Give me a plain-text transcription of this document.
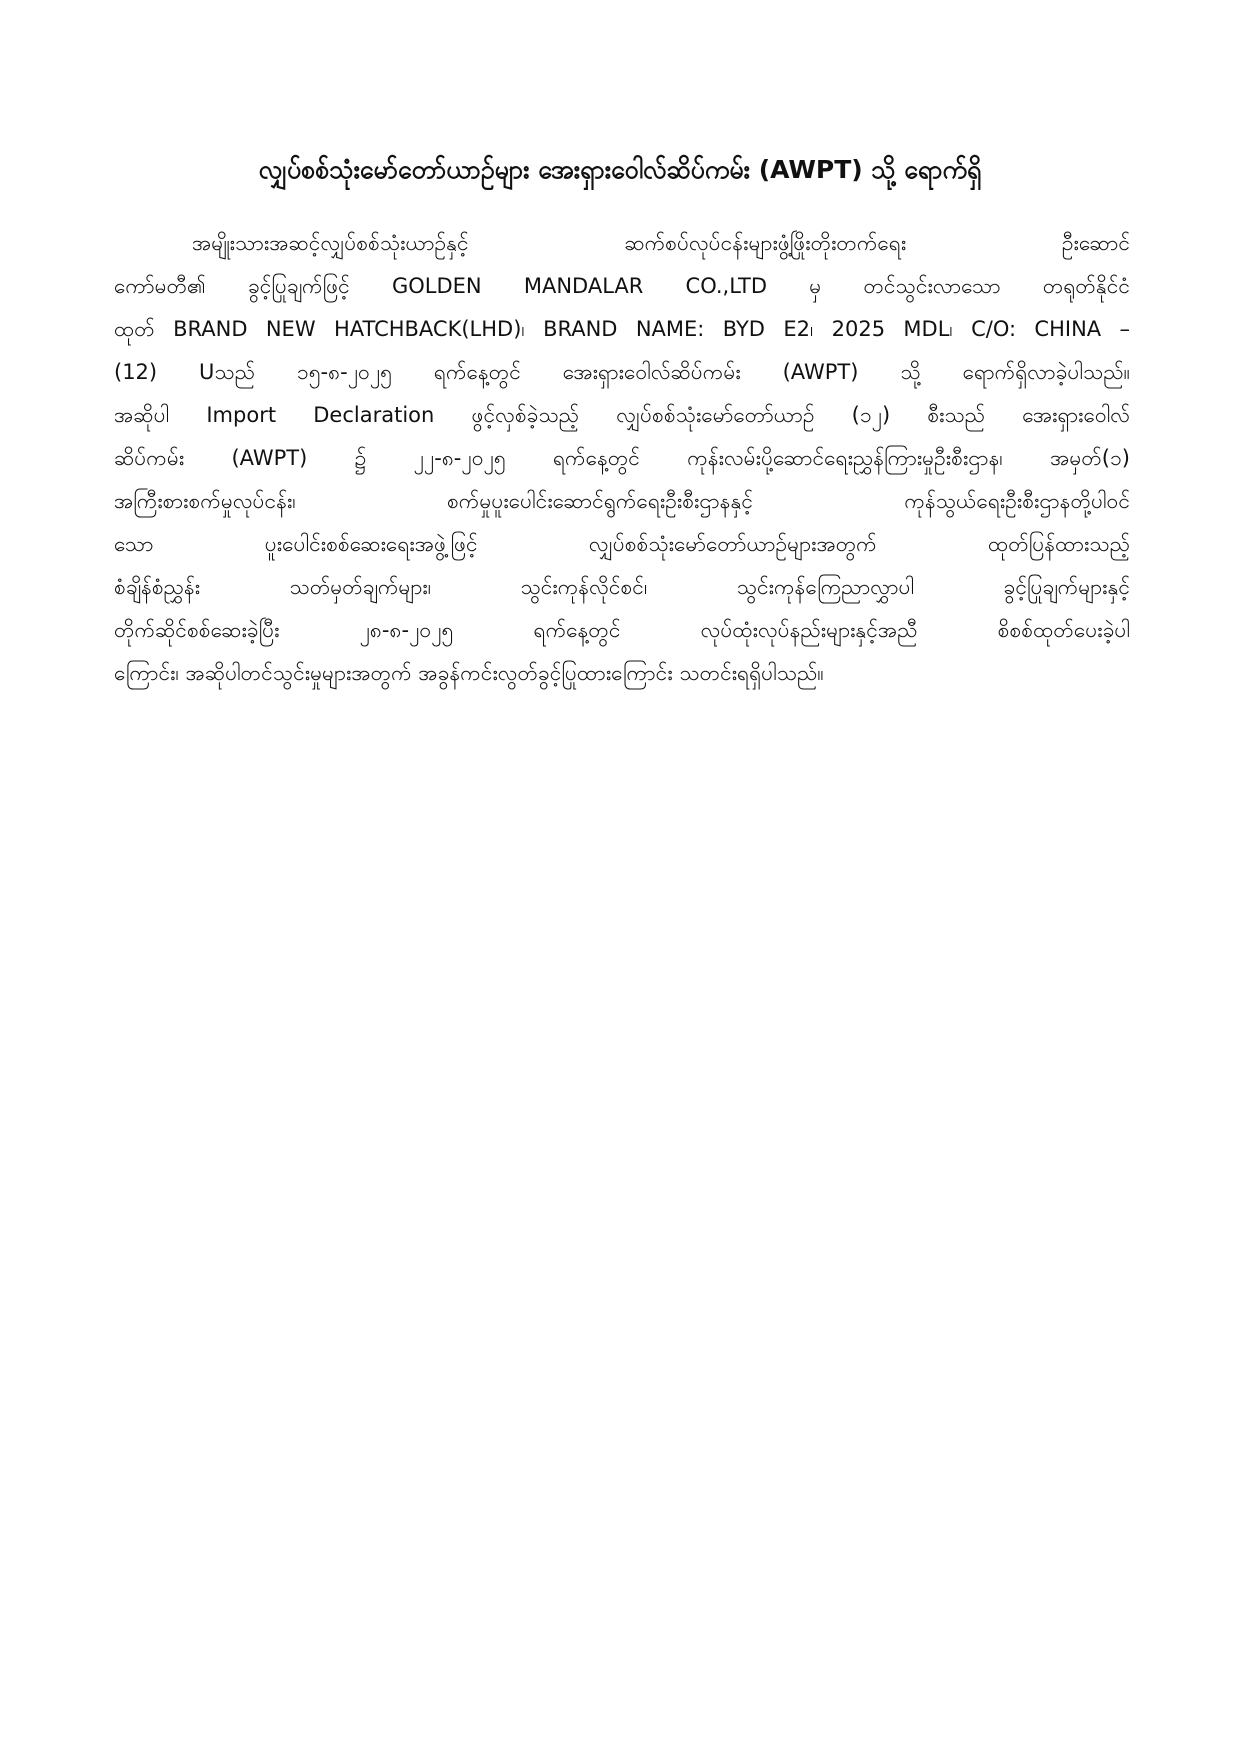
လျှပ်စစ်သုံးမော်တော်ယာဉ်များ အေးရှားဝေါလ်ဆိပ်ကမ်း (AWPT) သို့ ရောက်ရှိ
အမျိုးသားအဆင့်လျှပ်စစ်သုံးယာဉ်နှင့် ဆက်စပ်လုပ်ငန်းများဖွံ့ဖြိုးတိုးတက်ရေး ဦးဆောင်
ကော်မတီ၏ ခွင့်ပြုချက်ဖြင့် GOLDEN MANDALAR CO.,LTD မှ တင်သွင်းလာသော တရုတ်နိုင်ငံ
ထုတ် BRAND NEW HATCHBACK(LHD)၊ BRAND NAME: BYD E2၊ 2025 MDL၊ C/O: CHINA –
(12) Uသည် ၁၅-၈-၂၀၂၅ ရက်နေ့တွင် အေးရှားဝေါလ်ဆိပ်ကမ်း (AWPT) သို့ ရောက်ရှိလာခဲ့ပါသည်။
အဆိုပါ Import Declaration ဖွင့်လှစ်ခဲ့သည့် လျှပ်စစ်သုံးမော်တော်ယာဉ် (၁၂) စီးသည် အေးရှားဝေါလ်
ဆိပ်ကမ်း (AWPT) ၌ ၂၂-၈-၂၀၂၅ ရက်နေ့တွင် ကုန်းလမ်းပို့ဆောင်ရေးညွှန်ကြားမှုဦးစီးဌာန၊ အမှတ်(၁)
အကြီးစားစက်မှုလုပ်ငန်း၊ စက်မှုပူးပေါင်းဆောင်ရွက်ရေးဦးစီးဌာနနှင့် ကုန်သွယ်ရေးဦးစီးဌာနတို့ပါဝင်
သော ပူးပေါင်းစစ်ဆေးရေးအဖွဲ့ဖြင့် လျှပ်စစ်သုံးမော်တော်ယာဉ်များအတွက် ထုတ်ပြန်ထားသည့်
စံချိန်စံညွှန်း သတ်မှတ်ချက်များ၊ သွင်းကုန်လိုင်စင်၊ သွင်းကုန်ကြေညာလွှာပါ ခွင့်ပြုချက်များနှင့်
တိုက်ဆိုင်စစ်ဆေးခဲ့ပြီး ၂၈-၈-၂၀၂၅ ရက်နေ့တွင် လုပ်ထုံးလုပ်နည်းများနှင့်အညီ စိစစ်ထုတ်ပေးခဲ့ပါ
ကြောင်း၊ အဆိုပါတင်သွင်းမှုများအတွက် အခွန်ကင်းလွတ်ခွင့်ပြုထားကြောင်း သတင်းရရှိပါသည်။
